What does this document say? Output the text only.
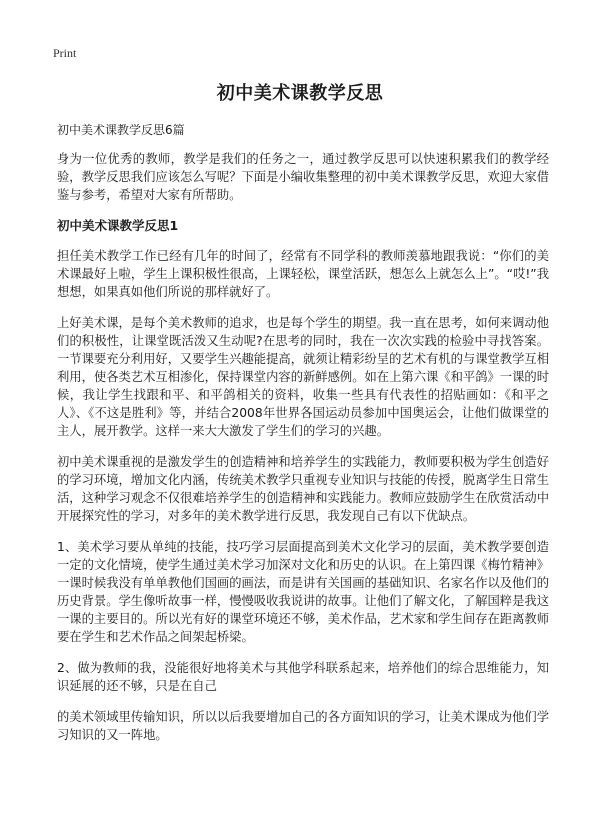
Print
初中美术课教学反思
初中美术课教学反思6篇

身为一位优秀的教师，教学是我们的任务之一，通过教学反思可以快速积累我们的教学经验，教学反思我们应该怎么写呢？下面是小编收集整理的初中美术课教学反思，欢迎大家借鉴与参考，希望对大家有所帮助。

初中美术课教学反思1

担任美术教学工作已经有几年的时间了，经常有不同学科的教师羡慕地跟我说：“你们的美术课最好上啦，学生上课积极性很高，上课轻松，课堂活跃，想怎么上就怎么上”。“哎!”我想想，如果真如他们所说的那样就好了。

上好美术课，是每个美术教师的追求，也是每个学生的期望。我一直在思考，如何来调动他们的积极性，让课堂既活泼又生动呢?在思考的同时，我在一次次实践的检验中寻找答案。一节课要充分利用好，又要学生兴趣能提高，就须让精彩纷呈的艺术有机的与课堂教学互相利用，使各类艺术互相渗化，保持课堂内容的新鲜感例。如在上第六课《和平鸽》一课的时候，我让学生找跟和平、和平鸽相关的资料，收集一些具有代表性的招贴画如：《和平之人》、《不这是胜利》等，并结合2008年世界各国运动员参加中国奥运会，让他们做课堂的主人，展开教学。这样一来大大激发了学生们的学习的兴趣。

初中美术课重视的是激发学生的创造精神和培养学生的实践能力，教师要积极为学生创造好的学习环境，增加文化内涵，传统美术教学只重视专业知识与技能的传授，脱离学生日常生活，这种学习观念不仅很难培养学生的创造精神和实践能力。教师应鼓励学生在欣赏活动中开展探究性的学习，对多年的美术教学进行反思，我发现自己有以下优缺点。

1、美术学习要从单纯的技能，技巧学习层面提高到美术文化学习的层面，美术教学要创造一定的文化情境，使学生通过美术学习加深对文化和历史的认识。在上第四课《梅竹精神》一课时候我没有单单教他们国画的画法，而是讲有关国画的基础知识、名家名作以及他们的历史背景。学生像听故事一样，慢慢吸收我说讲的故事。让他们了解文化，了解国粹是我这一课的主要目的。所以光有好的课堂环境还不够，美术作品，艺术家和学生间存在距离教师要在学生和艺术作品之间架起桥梁。

2、做为教师的我，没能很好地将美术与其他学科联系起来，培养他们的综合思维能力，知识延展的还不够，只是在自己

的美术领域里传输知识，所以以后我要增加自己的各方面知识的学习，让美术课成为他们学习知识的又一阵地。
